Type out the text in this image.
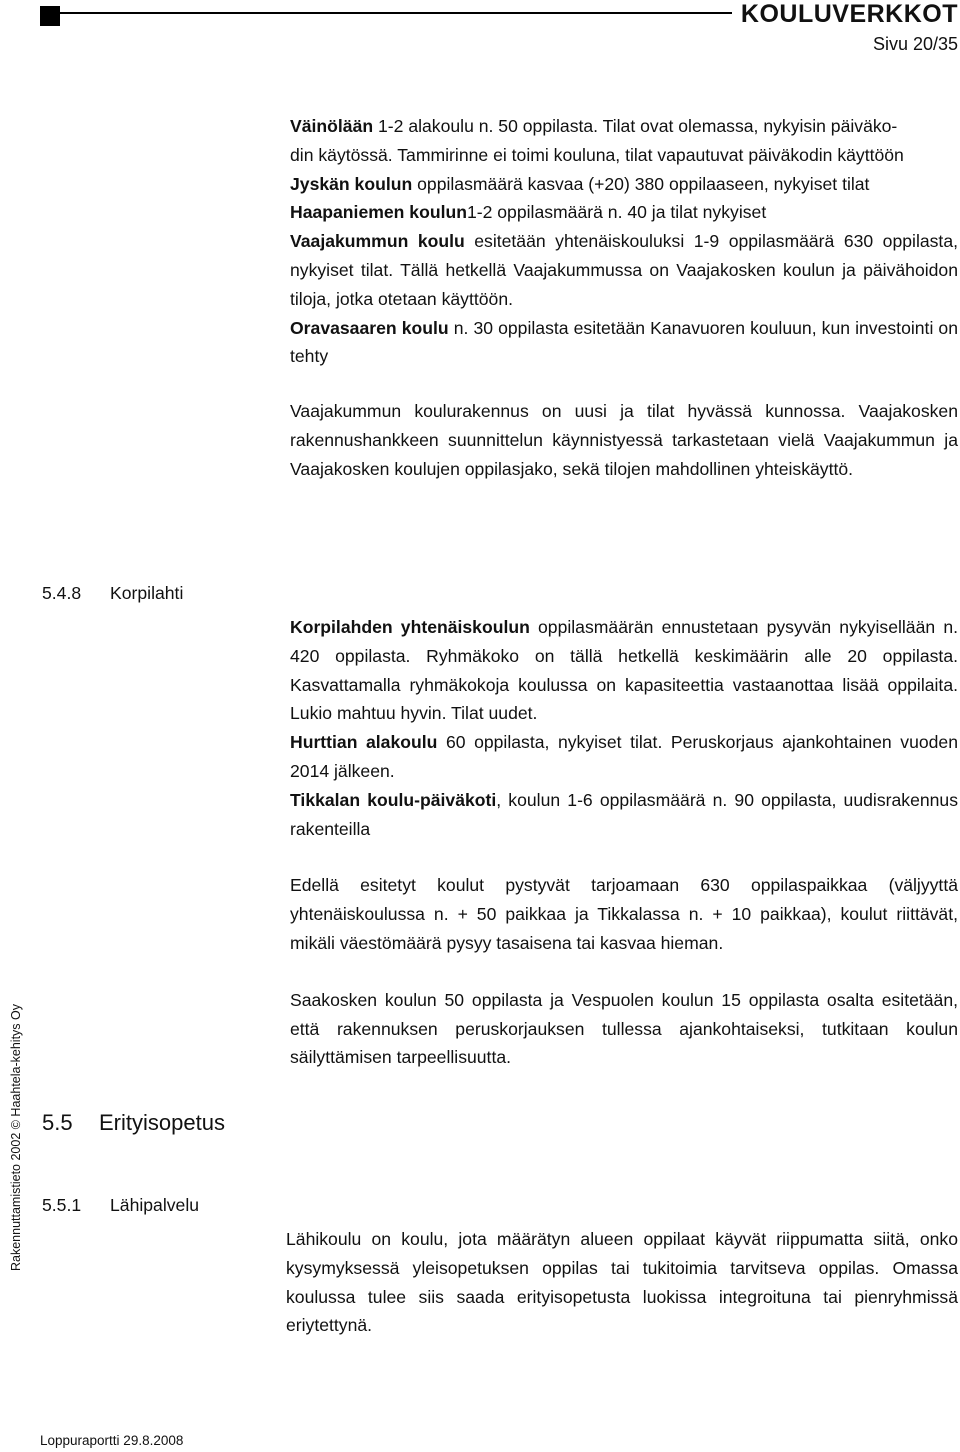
KOULUVERKKOT
Sivu 20/35

Väinölään 1-2 alakoulu n. 50 oppilasta. Tilat ovat olemassa, nykyisin päiväko-

din käytössä. Tammirinne ei toimi kouluna, tilat vapautuvat päiväkodin käyttöön

Jyskän koulun oppilasmäärä kasvaa (+20) 380 oppilaaseen, nykyiset tilat

Haapaniemen koulun1-2 oppilasmäärä n. 40 ja tilat nykyiset

Vaajakummun koulu esitetään yhtenäiskouluksi 1-9 oppilasmäärä 630 oppilasta, nykyiset tilat. Tällä hetkellä Vaajakummussa on Vaajakosken koulun ja päivähoidon tiloja, jotka otetaan käyttöön.

Oravasaaren koulu n. 30 oppilasta esitetään Kanavuoren kouluun, kun investointi on tehty

Vaajakummun koulurakennus on uusi ja tilat hyvässä kunnossa. Vaajakosken rakennushankkeen suunnittelun käynnistyessä tarkastetaan vielä Vaajakummun ja Vaajakosken koulujen oppilasjako, sekä tilojen mahdollinen yhteiskäyttö.

5.4.8 Korpilahti

Korpilahden yhtenäiskoulun oppilasmäärän ennustetaan pysyvän nykyisellään n. 420 oppilasta. Ryhmäkoko on tällä hetkellä keskimäärin alle 20 oppilasta. Kasvattamalla ryhmäkokoja koulussa on kapasiteettia vastaanottaa lisää oppilaita. Lukio mahtuu hyvin. Tilat uudet.

Hurttian alakoulu 60 oppilasta, nykyiset tilat. Peruskorjaus ajankohtainen vuoden 2014 jälkeen.

Tikkalan koulu-päiväkoti, koulun 1-6 oppilasmäärä n. 90 oppilasta, uudisrakennus rakenteilla

Edellä esitetyt koulut pystyvät tarjoamaan 630 oppilaspaikkaa (väljyyttä yhtenäiskoulussa n. + 50 paikkaa ja Tikkalassa n. + 10 paikkaa), koulut riittävät, mikäli väestömäärä pysyy tasaisena tai kasvaa hieman.

Saakosken koulun 50 oppilasta ja Vespuolen koulun 15 oppilasta osalta esitetään, että rakennuksen peruskorjauksen tullessa ajankohtaiseksi, tutkitaan koulun säilyttämisen tarpeellisuutta.

5.5 Erityisopetus
5.5.1 Lähipalvelu

Lähikoulu on koulu, jota määrätyn alueen oppilaat käyvät riippumatta siitä, onko kysymyksessä yleisopetuksen oppilas tai tukitoimia tarvitseva oppilas. Omassa koulussa tulee siis saada erityisopetusta luokissa integroituna tai pienryhmissä eriytettynä.

Rakennuttamistieto 2002 © Haahtela-kehitys Oy
Loppuraportti 29.8.2008
